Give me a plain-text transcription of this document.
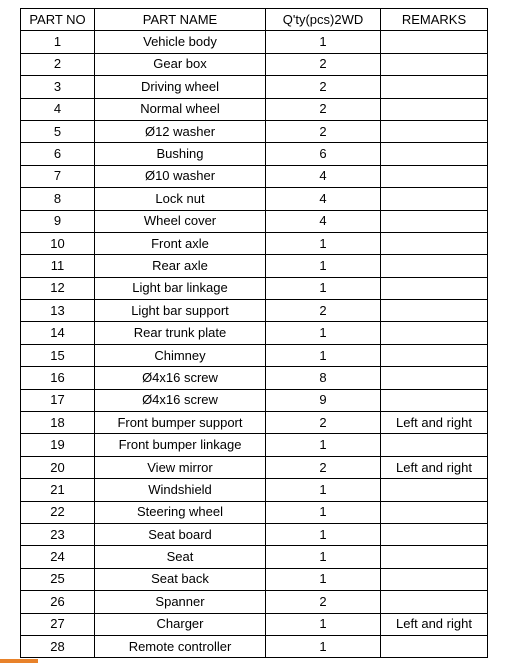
PART NO	PART NAME	Q'ty(pcs)2WD	REMARKS
1	Vehicle body	1	
2	Gear box	2	
3	Driving wheel	2	
4	Normal wheel	2	
5	Ø12 washer	2	
6	Bushing	6	
7	Ø10 washer	4	
8	Lock nut	4	
9	Wheel cover	4	
10	Front axle	1	
11	Rear axle	1	
12	Light bar linkage	1	
13	Light bar support	2	
14	Rear trunk plate	1	
15	Chimney	1	
16	Ø4x16 screw	8	
17	Ø4x16 screw	9	
18	Front bumper support	2	Left and right
19	Front bumper linkage	1	
20	View mirror	2	Left and right
21	Windshield	1	
22	Steering wheel	1	
23	Seat board	1	
24	Seat	1	
25	Seat back	1	
26	Spanner	2	
27	Charger	1	Left and right
28	Remote controller	1	
